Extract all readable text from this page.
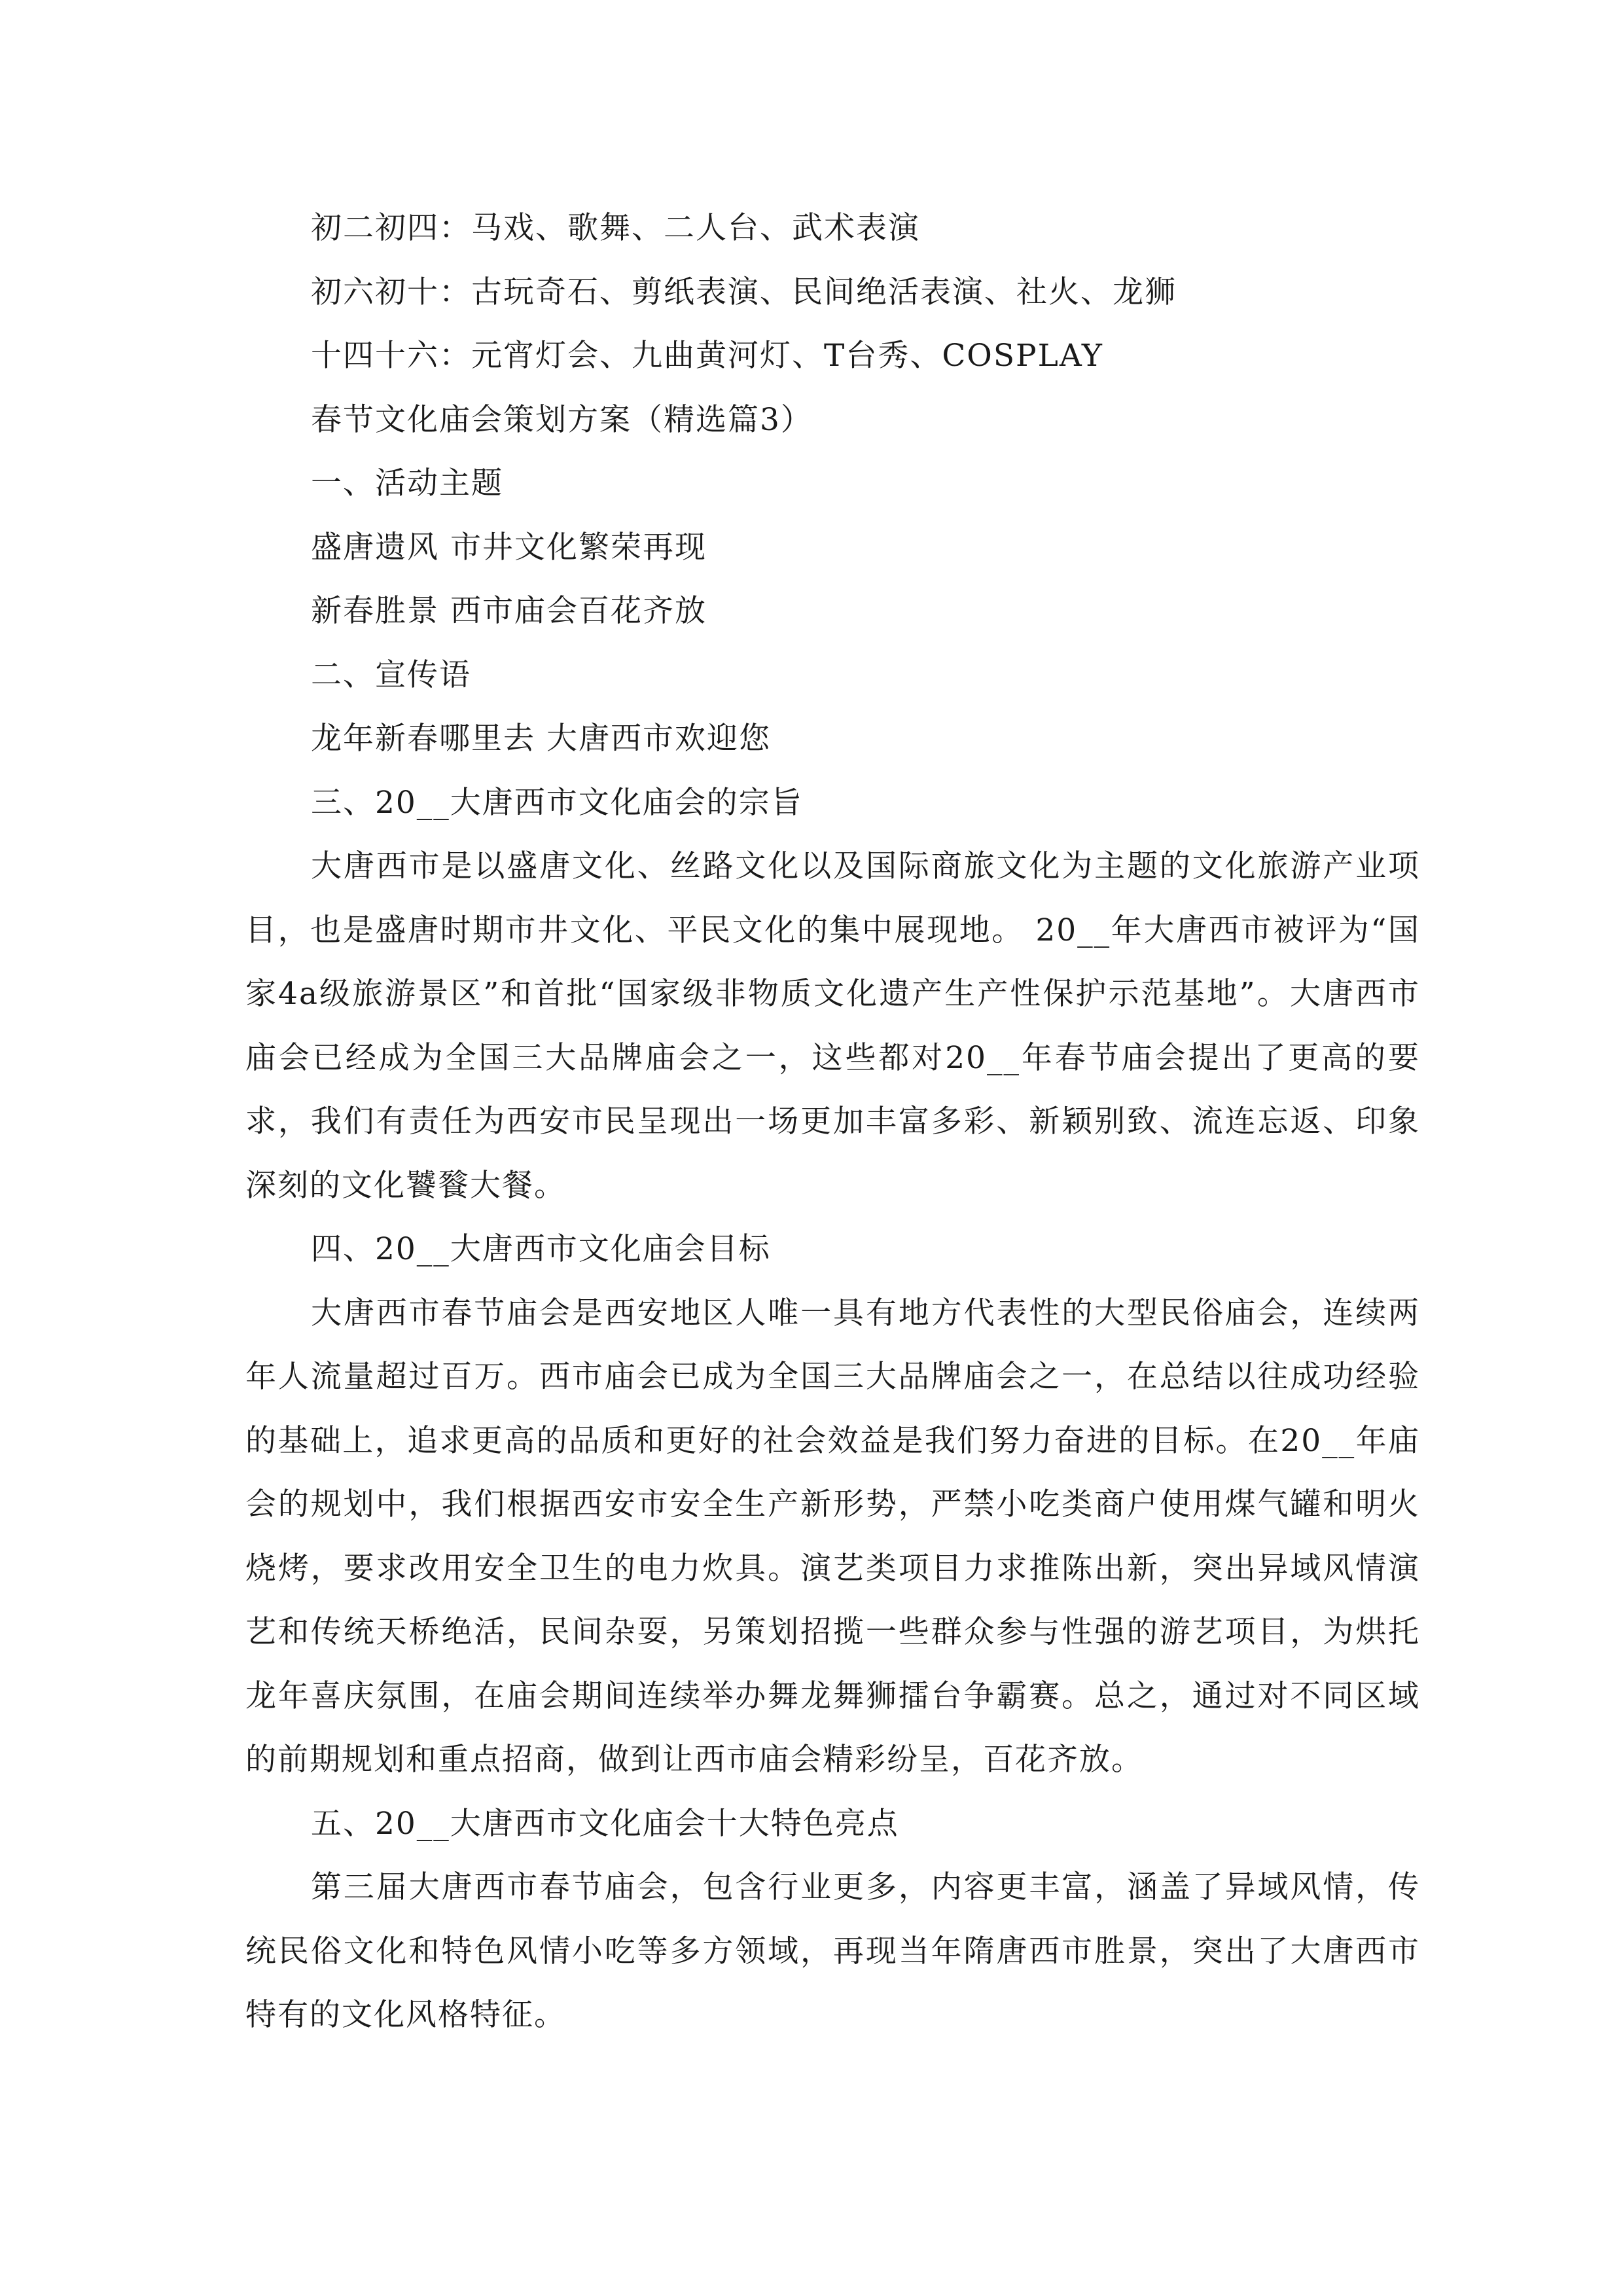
初二初四：马戏、歌舞、二人台、武术表演
初六初十：古玩奇石、剪纸表演、民间绝活表演、社火、龙狮
十四十六：元宵灯会、九曲黄河灯、T台秀、COSPLAY
春节文化庙会策划方案（精选篇3）
一、活动主题
盛唐遗风 市井文化繁荣再现
新春胜景 西市庙会百花齐放
二、宣传语
龙年新春哪里去 大唐西市欢迎您
三、20__大唐西市文化庙会的宗旨

大唐西市是以盛唐文化、丝路文化以及国际商旅文化为主题的文化旅游产业项目，也是盛唐时期市井文化、平民文化的集中展现地。 20__年大唐西市被评为“国家4a级旅游景区”和首批“国家级非物质文化遗产生产性保护示范基地”。大唐西市庙会已经成为全国三大品牌庙会之一，这些都对20__年春节庙会提出了更高的要求，我们有责任为西安市民呈现出一场更加丰富多彩、新颖别致、流连忘返、印象深刻的文化饕餮大餐。

四、20__大唐西市文化庙会目标

大唐西市春节庙会是西安地区人唯一具有地方代表性的大型民俗庙会，连续两年人流量超过百万。西市庙会已成为全国三大品牌庙会之一，在总结以往成功经验的基础上，追求更高的品质和更好的社会效益是我们努力奋进的目标。在20__年庙会的规划中，我们根据西安市安全生产新形势，严禁小吃类商户使用煤气罐和明火烧烤，要求改用安全卫生的电力炊具。演艺类项目力求推陈出新，突出异域风情演艺和传统天桥绝活，民间杂耍，另策划招揽一些群众参与性强的游艺项目，为烘托龙年喜庆氛围，在庙会期间连续举办舞龙舞狮擂台争霸赛。总之，通过对不同区域的前期规划和重点招商，做到让西市庙会精彩纷呈，百花齐放。

五、20__大唐西市文化庙会十大特色亮点

第三届大唐西市春节庙会，包含行业更多，内容更丰富，涵盖了异域风情，传统民俗文化和特色风情小吃等多方领域，再现当年隋唐西市胜景，突出了大唐西市特有的文化风格特征。
